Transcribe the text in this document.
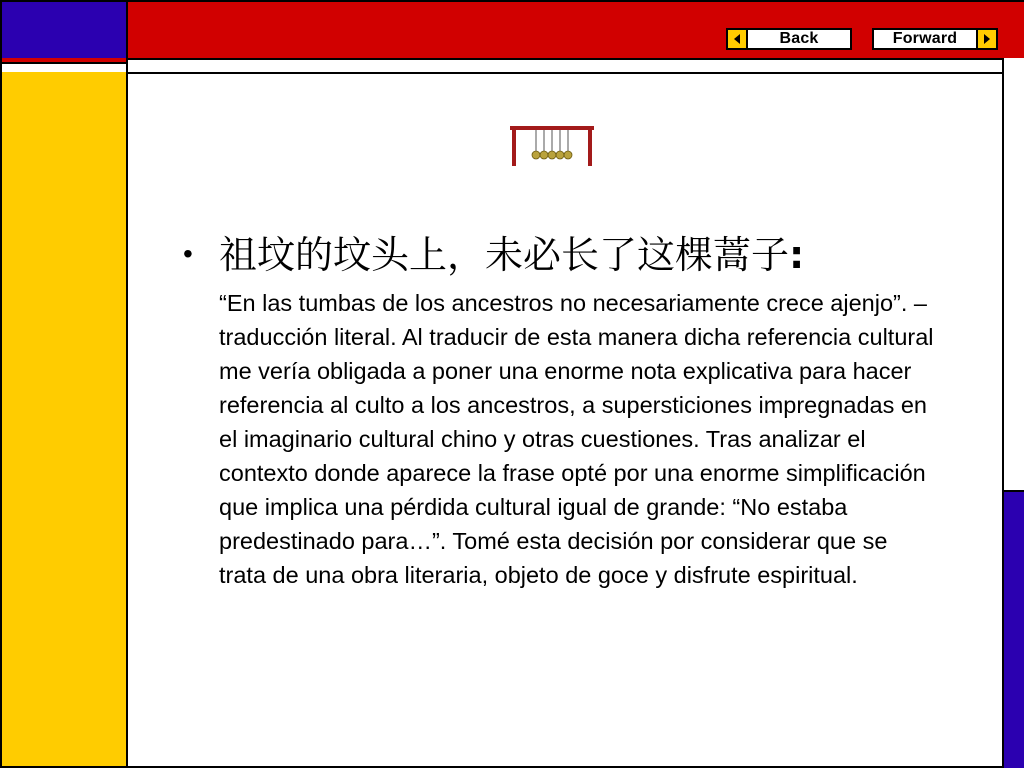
Back	Forward
• 祖坟的坟头上，未必长了这棵蒿子:
“En las tumbas de los ancestros no necesariamente crece ajenjo”. – traducción literal. Al traducir de esta manera dicha referencia cultural me vería obligada a poner una enorme nota explicativa para hacer referencia al culto a los ancestros, a supersticiones impregnadas en el imaginario cultural chino y otras cuestiones. Tras analizar el contexto donde aparece la frase opté por una enorme simplificación que implica una pérdida cultural igual de grande: “No estaba predestinado para…”. Tomé esta decisión por considerar que se trata de una obra literaria, objeto de goce y disfrute espiritual.
